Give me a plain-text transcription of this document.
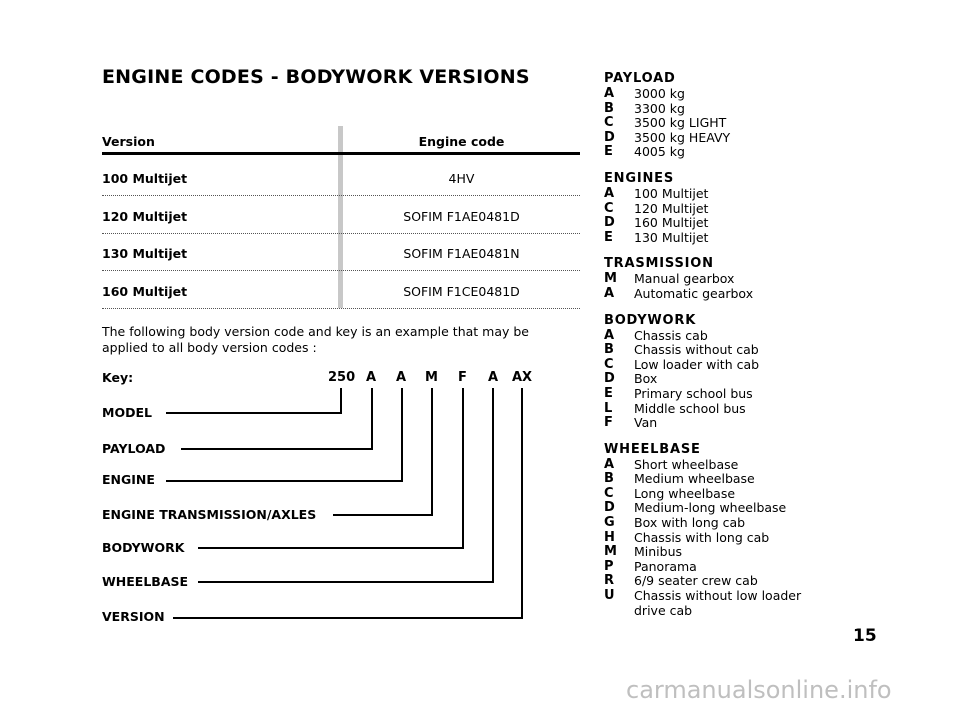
ENGINE CODES - BODYWORK VERSIONS
Version	Engine code
100 Multijet	4HV
120 Multijet	SOFIM F1AE0481D
130 Multijet	SOFIM F1AE0481N
160 Multijet	SOFIM F1CE0481D
The following body version code and key is an example that may be applied to all body version codes :
Key:	250 A A M F A AX
MODEL
PAYLOAD
ENGINE
ENGINE TRANSMISSION/AXLES
BODYWORK
WHEELBASE
VERSION
PAYLOAD
A	3000 kg
B	3300 kg
C	3500 kg LIGHT
D	3500 kg HEAVY
E	4005 kg
ENGINES
A	100 Multijet
C	120 Multijet
D	160 Multijet
E	130 Multijet
TRASMISSION
M	Manual gearbox
A	Automatic gearbox
BODYWORK
A	Chassis cab
B	Chassis without cab
C	Low loader with cab
D	Box
E	Primary school bus
L	Middle school bus
F	Van
WHEELBASE
A	Short wheelbase
B	Medium wheelbase
C	Long wheelbase
D	Medium-long wheelbase
G	Box with long cab
H	Chassis with long cab
M	Minibus
P	Panorama
R	6/9 seater crew cab
U	Chassis without low loader drive cab
15
carmanualsonline.info
